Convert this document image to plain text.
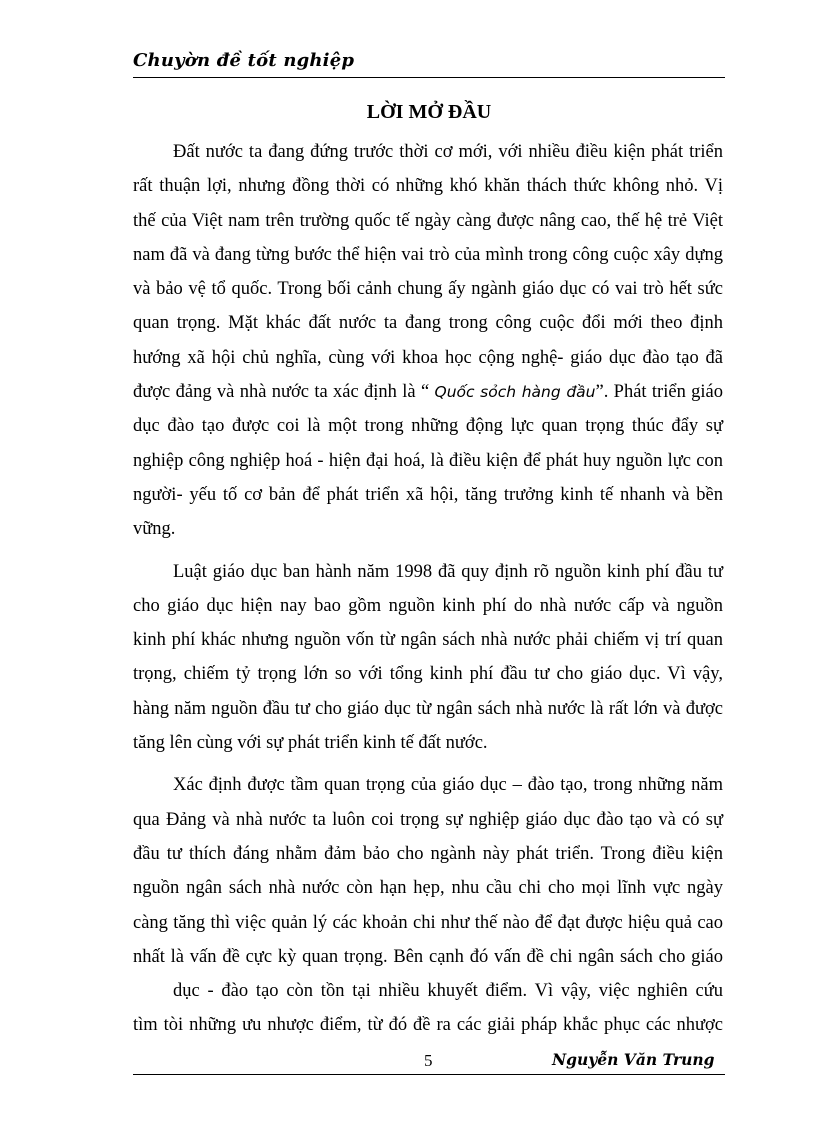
Chuyờn đề tốt nghiệp
LỜI MỞ ĐẦU
Đất nước ta đang đứng trước thời cơ mới, với nhiều điều kiện phát triển
rất thuận lợi, nhưng đồng thời có những khó khăn thách thức không nhỏ. Vị
thế của Việt nam trên trường quốc tế ngày càng được nâng cao, thế hệ trẻ Việt
nam đã và đang từng bước thể hiện vai trò của mình trong công cuộc xây dựng
và bảo vệ tổ quốc. Trong bối cảnh chung ấy ngành giáo dục có vai trò hết sức
quan trọng. Mặt khác đất nước ta đang trong công cuộc đổi mới theo định
hướng xã hội chủ nghĩa, cùng với khoa học cộng nghệ- giáo dục đào tạo đã
được đảng và nhà nước ta xác định là “ Quốc sỏch hàng đầu”. Phát triển giáo
dục đào tạo được coi là một trong những động lực quan trọng thúc đẩy sự
nghiệp công nghiệp hoá - hiện đại hoá, là điều kiện để phát huy nguồn lực con
người- yếu tố cơ bản để phát triển xã hội, tăng trưởng kinh tế nhanh và bền
vững.
Luật giáo dục ban hành năm 1998 đã quy định rõ nguồn kinh phí đầu tư
cho giáo dục hiện nay bao gồm nguồn kinh phí do nhà nước cấp và nguồn
kinh phí khác nhưng nguồn vốn từ ngân sách nhà nước phải chiếm vị trí quan
trọng, chiếm tỷ trọng lớn so với tổng kinh phí đầu tư cho giáo dục. Vì vậy,
hàng năm nguồn đầu tư cho giáo dục từ ngân sách nhà nước là rất lớn và được
tăng lên cùng với sự phát triển kinh tế đất nước.
Xác định được tầm quan trọng của giáo dục – đào tạo, trong những năm
qua Đảng và nhà nước ta luôn coi trọng sự nghiệp giáo dục đào tạo và có sự
đầu tư thích đáng nhằm đảm bảo cho ngành này phát triển. Trong điều kiện
nguồn ngân sách nhà nước còn hạn hẹp, nhu cầu chi cho mọi lĩnh vực ngày
càng tăng thì việc quản lý các khoản chi như thế nào để đạt được hiệu quả cao
nhất là vấn đề cực kỳ quan trọng. Bên cạnh đó vấn đề chi ngân sách cho giáo
dục - đào tạo còn tồn tại nhiều khuyết điểm. Vì vậy, việc nghiên cứu
tìm tòi những ưu nhược điểm, từ đó đề ra các giải pháp khắc phục các nhược
5	Nguyễn Văn Trung
